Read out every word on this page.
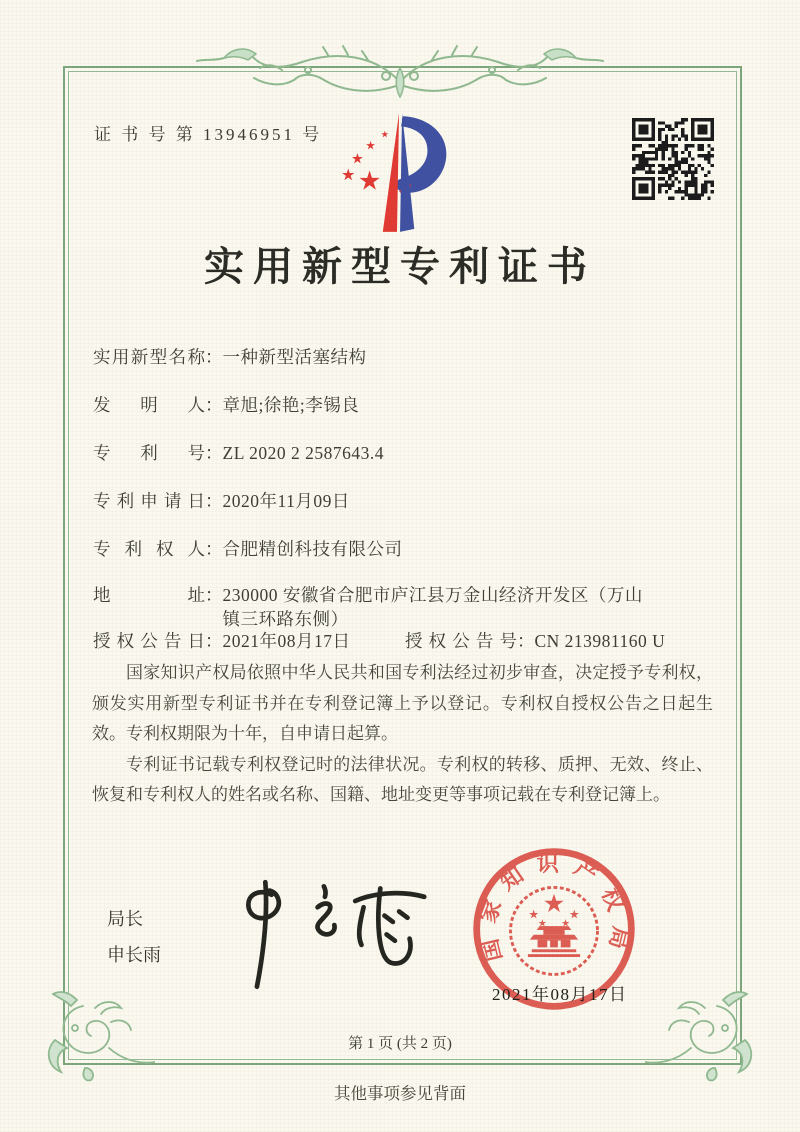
证 书 号 第 13946951 号
实用新型专利证书
实用新型名称 ： 一种新型活塞结构
发明人 ： 章旭;徐艳;李锡良
专利号 ： ZL 2020 2 2587643.4
专利申请日 ： 2020年11月09日
专利权人 ： 合肥精创科技有限公司
地址 ： 230000 安徽省合肥市庐江县万金山经济开发区（万山镇三环路东侧）
授权公告日 ： 2021年08月17日	授权公告号 ： CN 213981160 U

国家知识产权局依照中华人民共和国专利法经过初步审查，决定授予专利权，颁发实用新型专利证书并在专利登记簿上予以登记。专利权自授权公告之日起生效。专利权期限为十年，自申请日起算。

专利证书记载专利权登记时的法律状况。专利权的转移、质押、无效、终止、恢复和专利权人的姓名或名称、国籍、地址变更等事项记载在专利登记簿上。

局长
申长雨	国家知识产权局
2021年08月17日
第 1 页 (共 2 页)
其他事项参见背面
